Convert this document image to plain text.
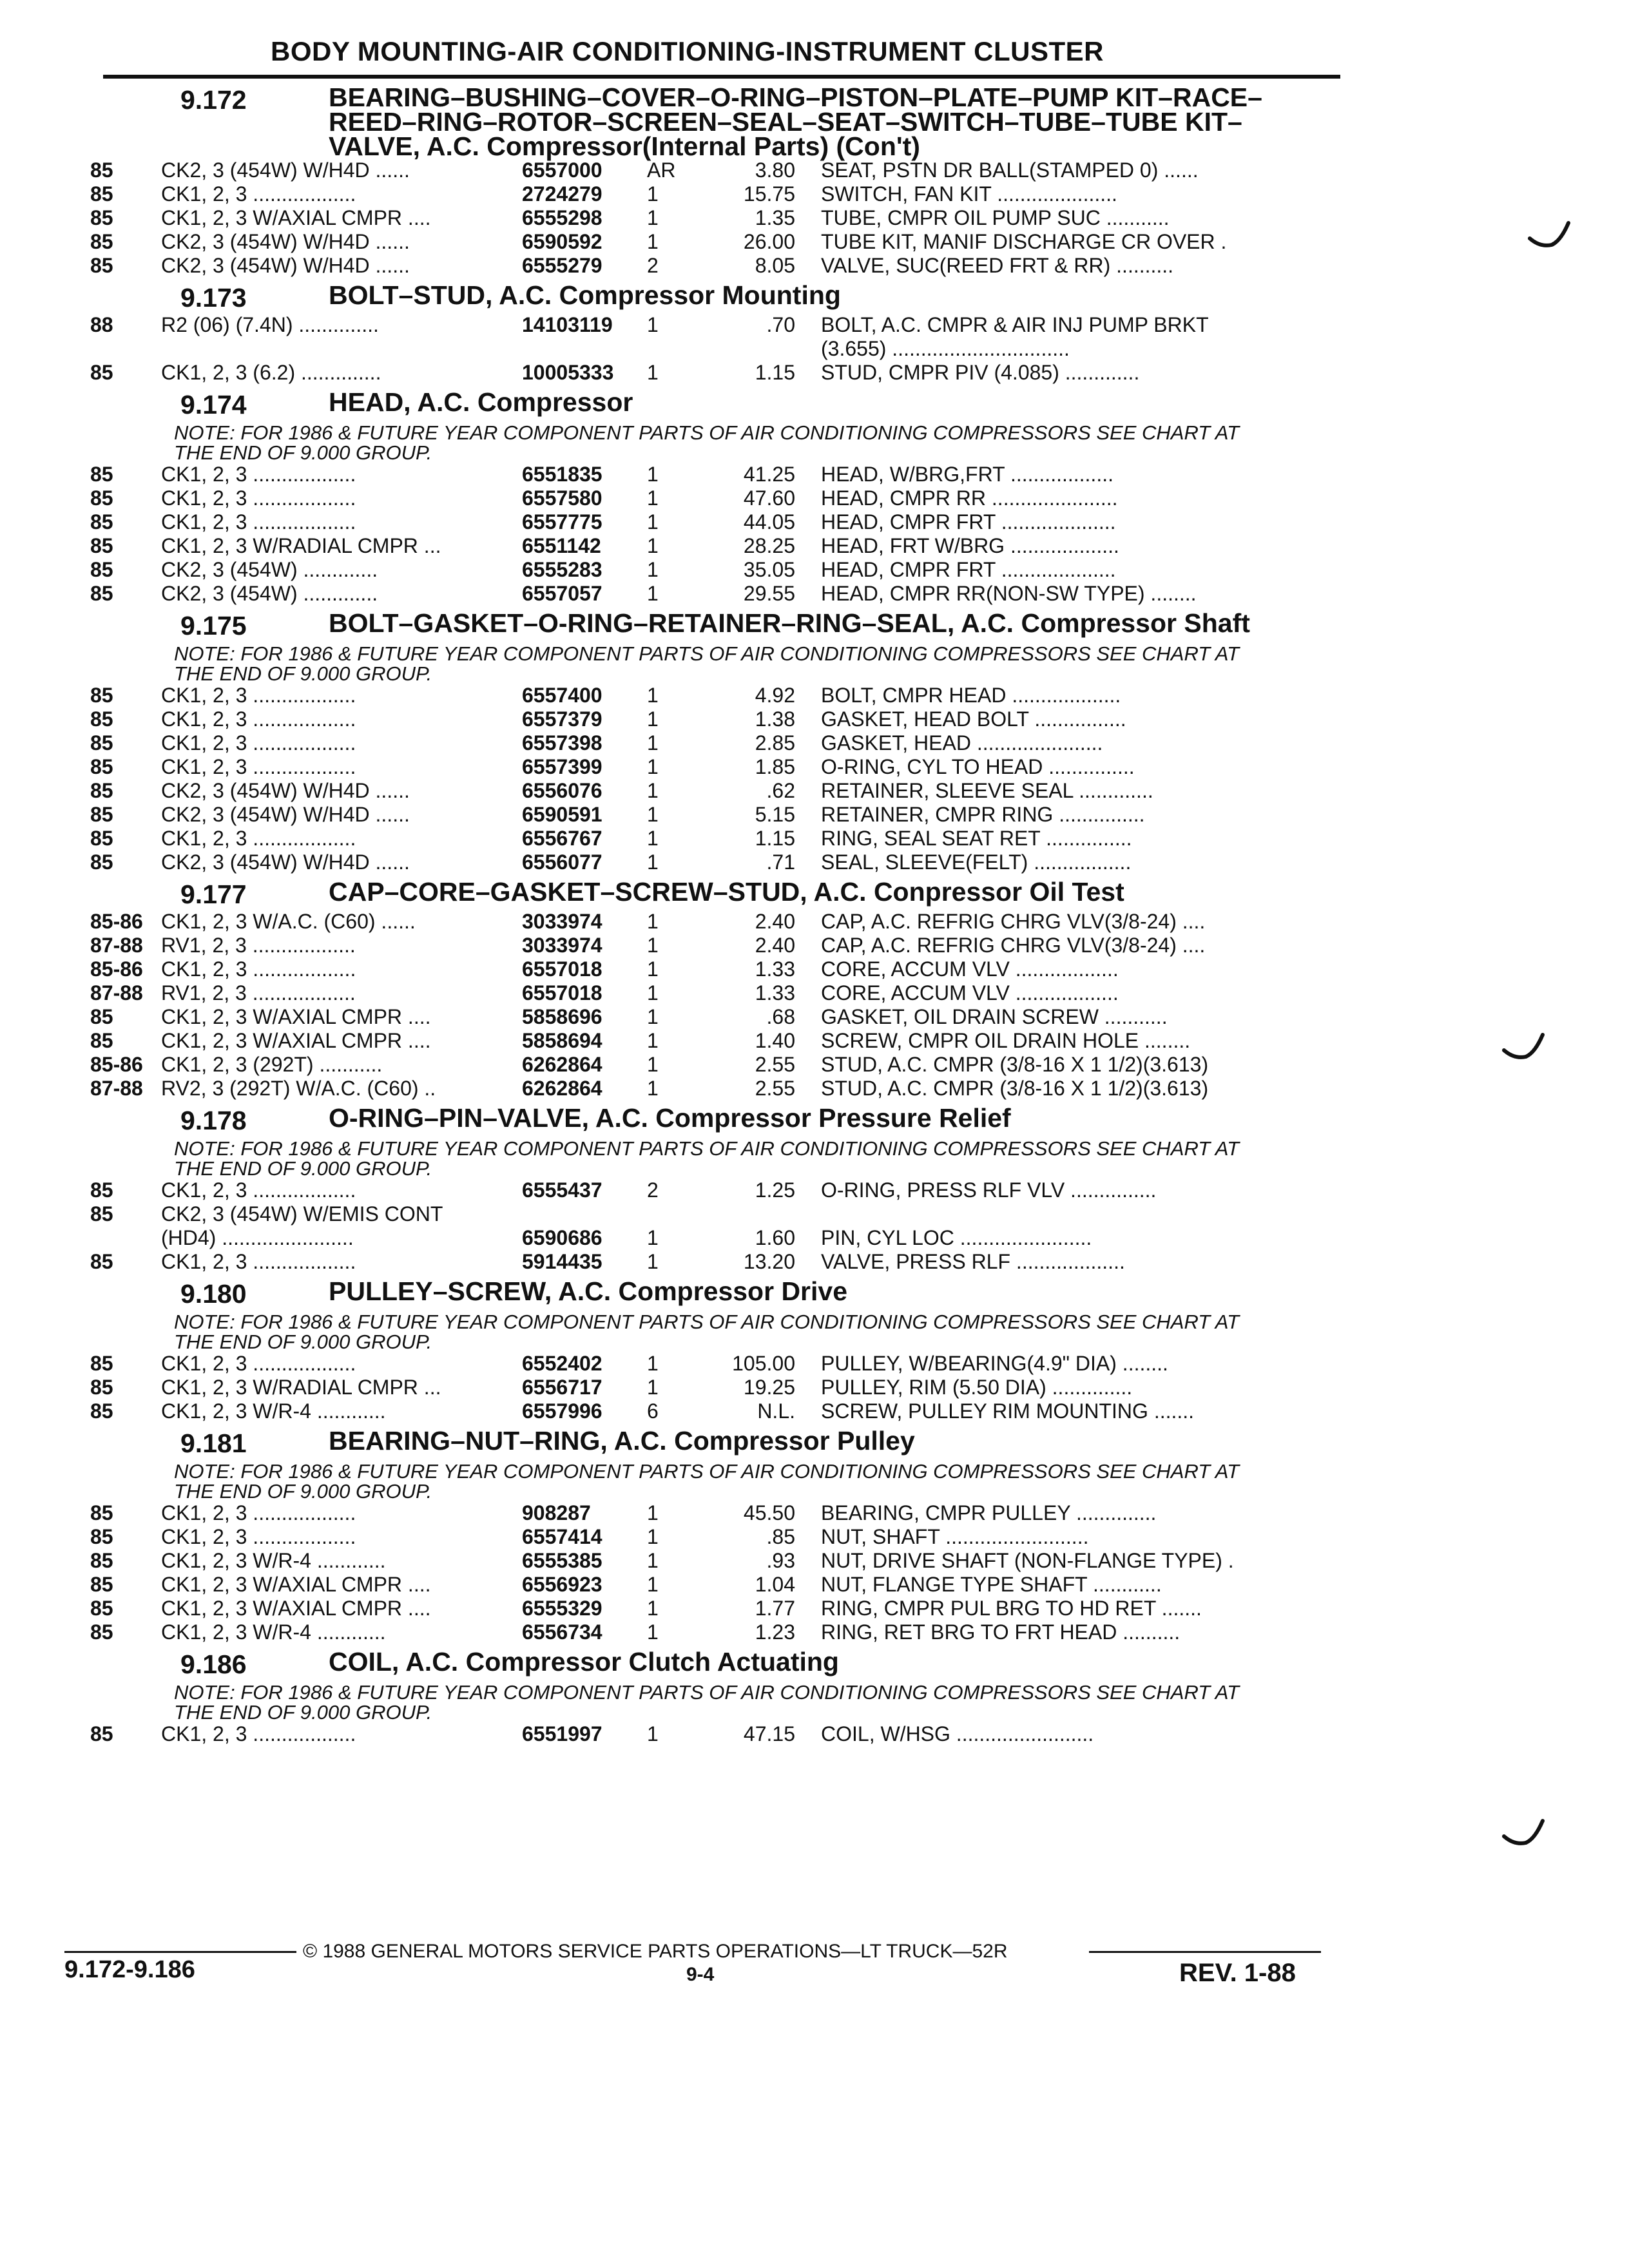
BODY MOUNTING-AIR CONDITIONING-INSTRUMENT CLUSTER
9.172	BEARING–BUSHING–COVER–O-RING–PISTON–PLATE–PUMP KIT–RACE–REED–RING–ROTOR–SCREEN–SEAL–SEAT–SWITCH–TUBE–TUBE KIT–VALVE, A.C. Compressor(Internal Parts) (Con't)
85	CK2, 3 (454W) W/H4D ......	6557000	AR	3.80	SEAT, PSTN DR BALL(STAMPED 0) ......
85	CK1, 2, 3 ..................	2724279	1	15.75	SWITCH, FAN KIT .....................
85	CK1, 2, 3 W/AXIAL CMPR ....	6555298	1	1.35	TUBE, CMPR OIL PUMP SUC ...........
85	CK2, 3 (454W) W/H4D ......	6590592	1	26.00	TUBE KIT, MANIF DISCHARGE CR OVER .
85	CK2, 3 (454W) W/H4D ......	6555279	2	8.05	VALVE, SUC(REED FRT & RR) ..........
9.173	BOLT–STUD, A.C. Compressor Mounting
88	R2 (06) (7.4N) ..............	14103119	1	.70	BOLT, A.C. CMPR & AIR INJ PUMP BRKT
(3.655) ...............................
85	CK1, 2, 3 (6.2) ..............	10005333	1	1.15	STUD, CMPR PIV (4.085) .............
9.174	HEAD, A.C. Compressor
NOTE: FOR 1986 & FUTURE YEAR COMPONENT PARTS OF AIR CONDITIONING COMPRESSORS SEE CHART AT THE END OF 9.000 GROUP.
85	CK1, 2, 3 ..................	6551835	1	41.25	HEAD, W/BRG,FRT ..................
85	CK1, 2, 3 ..................	6557580	1	47.60	HEAD, CMPR RR ......................
85	CK1, 2, 3 ..................	6557775	1	44.05	HEAD, CMPR FRT ....................
85	CK1, 2, 3 W/RADIAL CMPR ...	6551142	1	28.25	HEAD, FRT W/BRG ...................
85	CK2, 3 (454W) .............	6555283	1	35.05	HEAD, CMPR FRT ....................
85	CK2, 3 (454W) .............	6557057	1	29.55	HEAD, CMPR RR(NON-SW TYPE) ........
9.175	BOLT–GASKET–O-RING–RETAINER–RING–SEAL, A.C. Compressor Shaft
NOTE: FOR 1986 & FUTURE YEAR COMPONENT PARTS OF AIR CONDITIONING COMPRESSORS SEE CHART AT THE END OF 9.000 GROUP.
85	CK1, 2, 3 ..................	6557400	1	4.92	BOLT, CMPR HEAD ...................
85	CK1, 2, 3 ..................	6557379	1	1.38	GASKET, HEAD BOLT ................
85	CK1, 2, 3 ..................	6557398	1	2.85	GASKET, HEAD ......................
85	CK1, 2, 3 ..................	6557399	1	1.85	O-RING, CYL TO HEAD ...............
85	CK2, 3 (454W) W/H4D ......	6556076	1	.62	RETAINER, SLEEVE SEAL .............
85	CK2, 3 (454W) W/H4D ......	6590591	1	5.15	RETAINER, CMPR RING ...............
85	CK1, 2, 3 ..................	6556767	1	1.15	RING, SEAL SEAT RET ...............
85	CK2, 3 (454W) W/H4D ......	6556077	1	.71	SEAL, SLEEVE(FELT) .................
9.177	CAP–CORE–GASKET–SCREW–STUD, A.C. Conpressor Oil Test
85-86 CK1, 2, 3 W/A.C. (C60) ......	3033974	1	2.40	CAP, A.C. REFRIG CHRG VLV(3/8-24) ....
87-88 RV1, 2, 3 ..................	3033974	1	2.40	CAP, A.C. REFRIG CHRG VLV(3/8-24) ....
85-86 CK1, 2, 3 ..................	6557018	1	1.33	CORE, ACCUM VLV ..................
87-88 RV1, 2, 3 ..................	6557018	1	1.33	CORE, ACCUM VLV ..................
85	CK1, 2, 3 W/AXIAL CMPR ....	5858696	1	.68	GASKET, OIL DRAIN SCREW ...........
85	CK1, 2, 3 W/AXIAL CMPR ....	5858694	1	1.40	SCREW, CMPR OIL DRAIN HOLE ........
85-86 CK1, 2, 3 (292T) ...........	6262864	1	2.55	STUD, A.C. CMPR (3/8-16 X 1 1/2)(3.613)
87-88 RV2, 3 (292T) W/A.C. (C60) ..	6262864	1	2.55	STUD, A.C. CMPR (3/8-16 X 1 1/2)(3.613)
9.178	O-RING–PIN–VALVE, A.C. Compressor Pressure Relief
NOTE: FOR 1986 & FUTURE YEAR COMPONENT PARTS OF AIR CONDITIONING COMPRESSORS SEE CHART AT THE END OF 9.000 GROUP.
85	CK1, 2, 3 ..................	6555437	2	1.25	O-RING, PRESS RLF VLV ...............
85	CK2, 3 (454W) W/EMIS CONT
(HD4) .......................	6590686	1	1.60	PIN, CYL LOC .......................
85	CK1, 2, 3 ..................	5914435	1	13.20	VALVE, PRESS RLF ...................
9.180	PULLEY–SCREW, A.C. Compressor Drive
NOTE: FOR 1986 & FUTURE YEAR COMPONENT PARTS OF AIR CONDITIONING COMPRESSORS SEE CHART AT THE END OF 9.000 GROUP.
85	CK1, 2, 3 ..................	6552402	1	105.00	PULLEY, W/BEARING(4.9" DIA) ........
85	CK1, 2, 3 W/RADIAL CMPR ...	6556717	1	19.25	PULLEY, RIM (5.50 DIA) ..............
85	CK1, 2, 3 W/R-4 ............	6557996	6	N.L.	SCREW, PULLEY RIM MOUNTING .......
9.181	BEARING–NUT–RING, A.C. Compressor Pulley
NOTE: FOR 1986 & FUTURE YEAR COMPONENT PARTS OF AIR CONDITIONING COMPRESSORS SEE CHART AT THE END OF 9.000 GROUP.
85	CK1, 2, 3 ..................	908287	1	45.50	BEARING, CMPR PULLEY ..............
85	CK1, 2, 3 ..................	6557414	1	.85	NUT, SHAFT .........................
85	CK1, 2, 3 W/R-4 ............	6555385	1	.93	NUT, DRIVE SHAFT (NON-FLANGE TYPE) .
85	CK1, 2, 3 W/AXIAL CMPR ....	6556923	1	1.04	NUT, FLANGE TYPE SHAFT ............
85	CK1, 2, 3 W/AXIAL CMPR ....	6555329	1	1.77	RING, CMPR PUL BRG TO HD RET .......
85	CK1, 2, 3 W/R-4 ............	6556734	1	1.23	RING, RET BRG TO FRT HEAD ..........
9.186	COIL, A.C. Compressor Clutch Actuating
NOTE: FOR 1986 & FUTURE YEAR COMPONENT PARTS OF AIR CONDITIONING COMPRESSORS SEE CHART AT THE END OF 9.000 GROUP.
85	CK1, 2, 3 ..................	6551997	1	47.15	COIL, W/HSG ........................
© 1988 GENERAL MOTORS SERVICE PARTS OPERATIONS—LT TRUCK—52R
9.172-9.186	9-4	REV. 1-88
